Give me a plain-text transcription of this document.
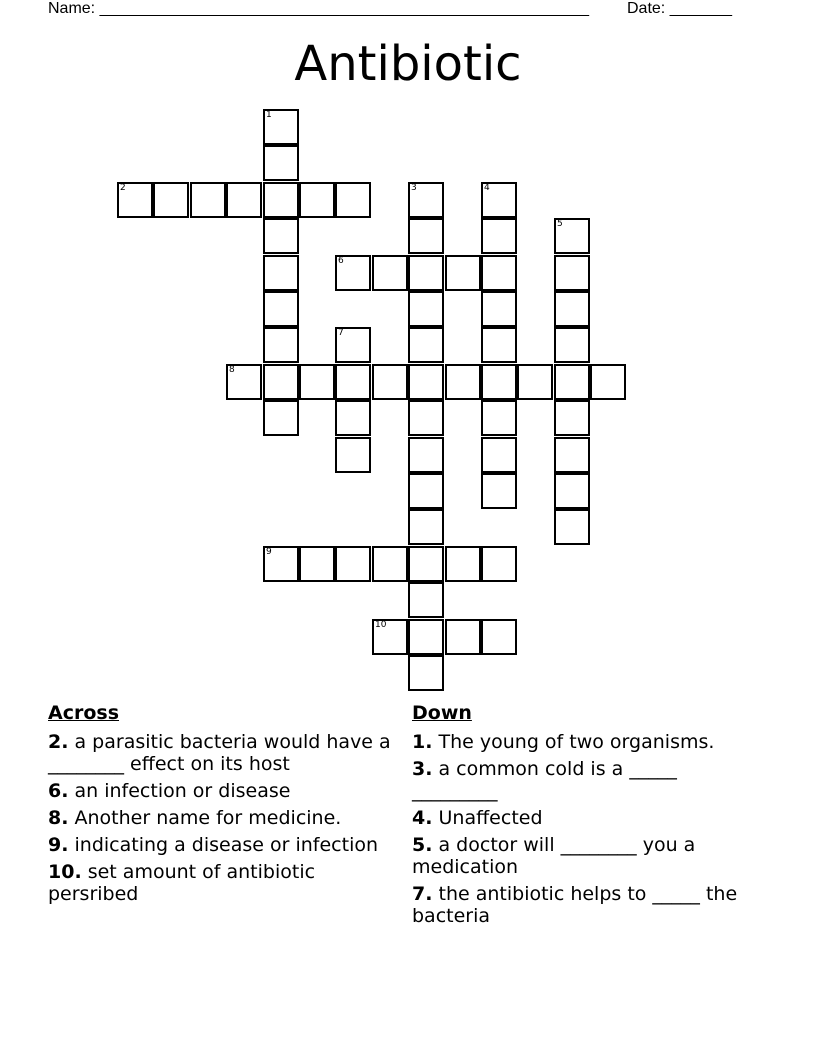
Name: _______________________________________________________ Date: _______
Antibiotic
1
2	3	4
5
6
7
8
9
10
Across
2. a parasitic bacteria would have a ________ effect on its host
6. an infection or disease
8. Another name for medicine.
9. indicating a disease or infection
10. set amount of antibiotic persribed
Down
1. The young of two organisms.
3. a common cold is a _____ _________
4. Unaffected
5. a doctor will ________ you a medication
7. the antibiotic helps to _____ the bacteria
